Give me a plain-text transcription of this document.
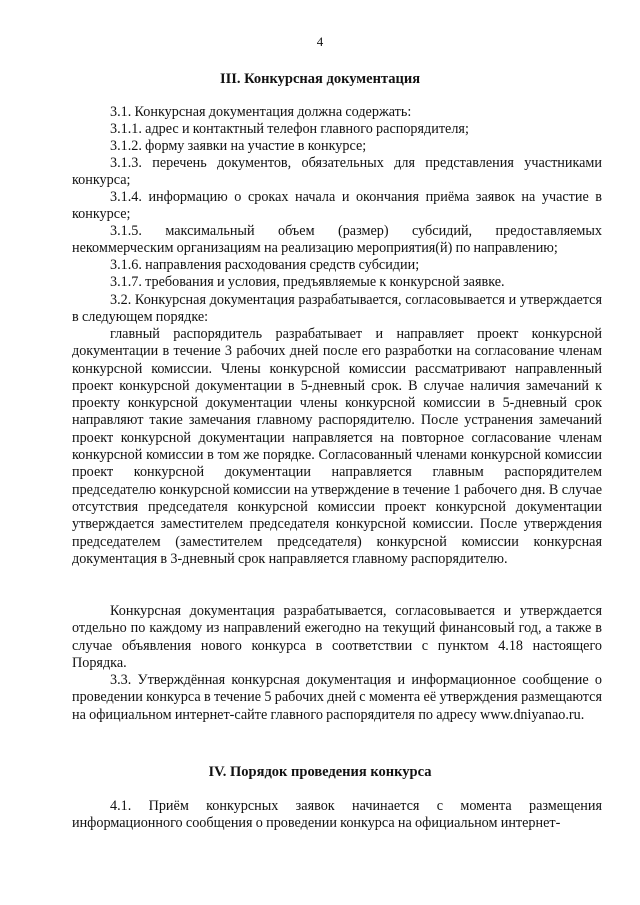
4
III. Конкурсная документация

3.1. Конкурсная документация должна содержать:

3.1.1. адрес и контактный телефон главного распорядителя;

3.1.2. форму заявки на участие в конкурсе;

3.1.3. перечень документов, обязательных для представления участниками конкурса;

3.1.4. информацию о сроках начала и окончания приёма заявок на участие в конкурсе;

3.1.5. максимальный объем (размер) субсидий, предоставляемых некоммерческим организациям на реализацию мероприятия(й) по направлению;

3.1.6. направления расходования средств субсидии;

3.1.7. требования и условия, предъявляемые к конкурсной заявке.

3.2. Конкурсная документация разрабатывается, согласовывается и утверждается в следующем порядке:

главный распорядитель разрабатывает и направляет проект конкурсной документации в течение 3 рабочих дней после его разработки на согласование членам конкурсной комиссии. Члены конкурсной комиссии рассматривают направленный проект конкурсной документации в 5-дневный срок. В случае наличия замечаний к проекту конкурсной документации члены конкурсной комиссии в 5-дневный срок направляют такие замечания главному распорядителю. После устранения замечаний проект конкурсной документации направляется на повторное согласование членам конкурсной комиссии в том же порядке. Согласованный членами конкурсной комиссии проект конкурсной документации направляется главным распорядителем председателю конкурсной комиссии на утверждение в течение 1 рабочего дня. В случае отсутствия председателя конкурсной комиссии проект конкурсной документации утверждается заместителем председателя конкурсной комиссии. После утверждения председателем (заместителем председателя) конкурсной комиссии конкурсная документация в 3-дневный срок направляется главному распорядителю.

Конкурсная документация разрабатывается, согласовывается и утверждается отдельно по каждому из направлений ежегодно на текущий финансовый год, а также в случае объявления нового конкурса в соответствии с пунктом 4.18 настоящего Порядка.

3.3. Утверждённая конкурсная документация и информационное сообщение о проведении конкурса в течение 5 рабочих дней с момента её утверждения размещаются на официальном интернет-сайте главного распорядителя по адресу www.dniyanao.ru.

IV. Порядок проведения конкурса

4.1. Приём конкурсных заявок начинается с момента размещения информационного сообщения о проведении конкурса на официальном интернет-
